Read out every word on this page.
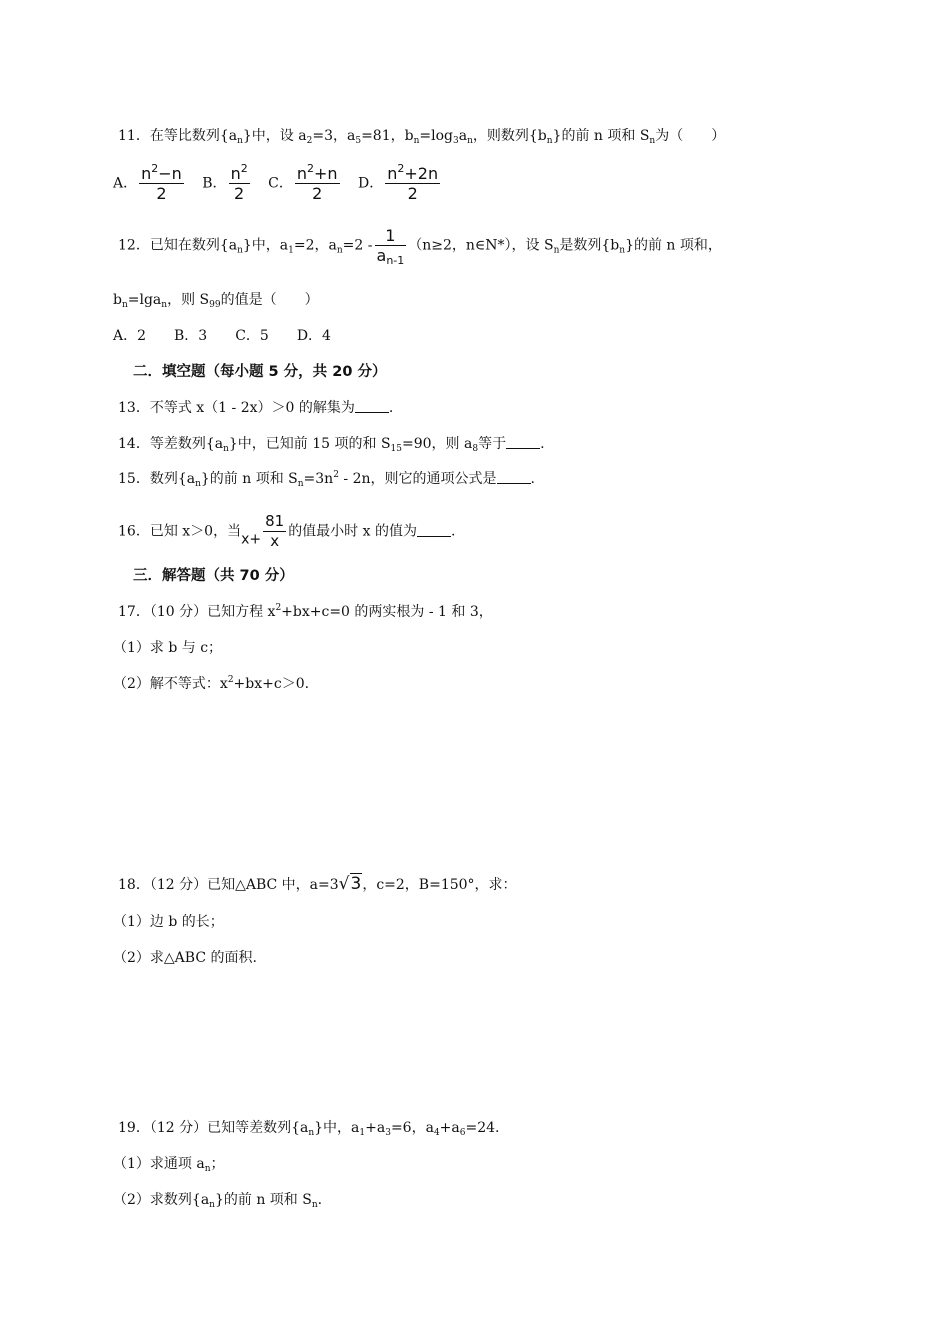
11．在等比数列$\{a_n\}$中，设 $a_2=3$，$a_5=81$，$b_n=\log_3a_n$，则数列$\{b_n\}$的前 n 项和 $S_n$为（　　）
A． $\frac{n^2-n}{2}$ B． $\frac{n^2}{2}$ C． $\frac{n^2+n}{2}$ D． $\frac{n^2+2n}{2}$
12．已知在数列$\{a_n\}$中，$a_1=2$，$a_n=2 - \frac{1}{a_{n-1}} (n\ge 2$，n∈N*），设 $S_n$是数列$\{b_n\}$的前 n 项和，
$b_n=\lg a_n$，则 $S_{99}$的值是（　　）
A．2　　B．3　　C．5　　D．4
二．填空题（每小题 5 分，共 20 分）
13．不等式 x（1 - 2x）＞0 的解集为 .
14．等差数列$\{a_n\}$中，已知前 15 项的和 $S_{15}=90$，则 $a_8$等于 .
15．数列$\{a_n\}$的前 n 项和 $S_n=3n^2 - 2n$，则它的通项公式是 .
16．已知 x＞0，当$x+ \frac{81}{x}$ 的值最小时 x 的值为 .
三．解答题（共 70 分）
17．（10 分）已知方程 $x^2+bx+c=0$ 的两实根为 - 1 和 3，
（1）求 b 与 c；
（2）解不等式：$x^2+bx+c>0$.
18．（12 分）已知△ABC 中，a=3√3，c=2，B=150°，求：
（1）边 b 的长；
（2）求△ABC 的面积.
19．（12 分）已知等差数列$\{a_n\}$中，$a_1+a_3=6$，$a_4+a_6=24$.
（1）求通项 $a_n$；
（2）求数列$\{a_n\}$的前 n 项和 $S_n$.
